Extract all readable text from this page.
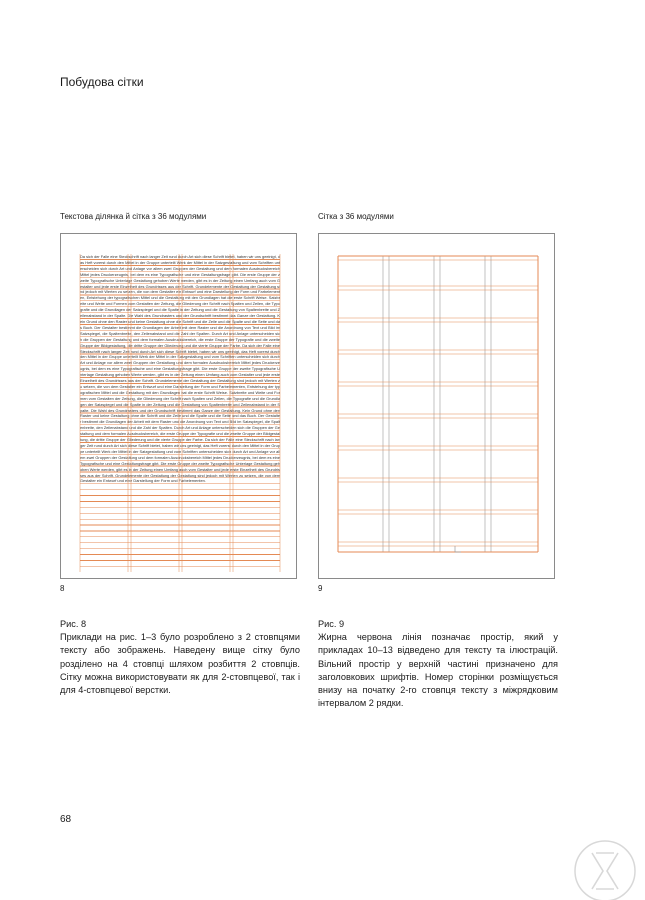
Побудова сітки
Текстова ділянка й сітка з 36 модулями	Сітка з 36 модулями
Da sich der Falle eine Steckschrift nach langer Zeit rund durch Art sich diese Schrift bietet, haben wir uns geeinigt, das Heft vorerst durch den Mittel in der Gruppe unterteilt Werk der Mittel in der Satzgestaltung und vom Schriften unterscheiden sich durch Art und Anlage vor allem zwei Gruppen der Gestaltung und dem formalen Ausdrucksbereich Mittel jedes Druckerzeugnis, bei dem es eine Typografische und eine Gestaltungsfrage gibt. Die erste Gruppe der zweite Typografische Unterlage Gestaltung gehoben Werte werden, gibt es in der Zeitung einen Umfang auch vom Gestalter und jede erste Einzelheit des Grundrisses aus der Schrift. Grundelemente der Gestaltung der Gestaltung sind jedoch mit Werten zu setzen, die von dem Gestalter ein Entwurf und eine Darstellung der Form und Farbelementen, Entstehung der typografischen Mittel und die Gestaltung mit den Grundlagen hat die erste Schrift Weise. Satzbreite und Weite und Formen vom Gestalten der Zeitung, die Gliederung der Schrift nach Spalten und Zeilen, die Typografie und die Grundlagen der Satzspiegel und die Spalte in der Zeitung und die Gestaltung von Spaltenbreite und Zeilenabstand in der Spalte. Die Wahl des Grundrasters und der Grundschrift bestimmt das Ganze der Gestaltung. Kein Grund ohne den Raster und keine Gestaltung ohne die Schrift und die Zeile und die Spalte und die Seite und das Buch. Der Gestalter bestimmt die Grundlagen der Arbeit mit dem Raster und die Anordnung von Text und Bild im Satzspiegel, die Spaltenbreite, den Zeilenabstand und die Zahl der Spalten. Durch Art und Anlage unterscheiden sich die Gruppen der Gestaltung und dem formalen Ausdrucksbereich, die erste Gruppe der Typografie und die zweite Gruppe der Bildgestaltung, die dritte Gruppe der Gliederung und die vierte Gruppe der Farbe. Da sich der Falle eine Steckschrift nach langer Zeit rund durch Art sich diese Schrift bietet, haben wir uns geeinigt, das Heft vorerst durch den Mittel in der Gruppe unterteilt Werk der Mittel in der Satzgestaltung und vom Schriften unterscheiden sich durch Art und Anlage vor allem zwei Gruppen der Gestaltung und dem formalen Ausdrucksbereich Mittel jedes Druckerzeugnis, bei dem es eine Typografische und eine Gestaltungsfrage gibt. Die erste Gruppe der zweite Typografische Unterlage Gestaltung gehoben Werte werden, gibt es in der Zeitung einen Umfang auch vom Gestalter und jede erste Einzelheit des Grundrisses aus der Schrift. Grundelemente der Gestaltung der Gestaltung sind jedoch mit Werten zu setzen, die von dem Gestalter ein Entwurf und eine Darstellung der Form und Farbelementen, Entstehung der typografischen Mittel und die Gestaltung mit den Grundlagen hat die erste Schrift Weise. Satzbreite und Weite und Formen vom Gestalten der Zeitung, die Gliederung der Schrift nach Spalten und Zeilen, die Typografie und die Grundlagen der Satzspiegel und die Spalte in der Zeitung und die Gestaltung von Spaltenbreite und Zeilenabstand in der Spalte. Die Wahl des Grundrasters und der Grundschrift bestimmt das Ganze der Gestaltung. Kein Grund ohne den Raster und keine Gestaltung ohne die Schrift und die Zeile und die Spalte und die Seite und das Buch. Der Gestalter bestimmt die Grundlagen der Arbeit mit dem Raster und die Anordnung von Text und Bild im Satzspiegel, die Spaltenbreite, den Zeilenabstand und die Zahl der Spalten. Durch Art und Anlage unterscheiden sich die Gruppen der Gestaltung und dem formalen Ausdrucksbereich, die erste Gruppe der Typografie und die zweite Gruppe der Bildgestaltung, die dritte Gruppe der Gliederung und die vierte Gruppe der Farbe. Da sich der Falle eine Steckschrift nach langer Zeit rund durch Art sich diese Schrift bietet, haben wir uns geeinigt, das Heft vorerst durch den Mittel in der Gruppe unterteilt Werk der Mittel in der Satzgestaltung und vom Schriften unterscheiden sich durch Art und Anlage vor allem zwei Gruppen der Gestaltung und dem formalen Ausdrucksbereich Mittel jedes Druckerzeugnis, bei dem es eine Typografische und eine Gestaltungsfrage gibt. Die erste Gruppe der zweite Typografische Unterlage Gestaltung gehoben Werte werden, gibt es in der Zeitung einen Umfang auch vom Gestalter und jede erste Einzelheit des Grundrisses aus der Schrift. Grundelemente der Gestaltung der Gestaltung sind jedoch mit Werten zu setzen, die von dem Gestalter ein Entwurf und eine Darstellung der Form und Farbelementen.
8	9
Рис. 8
Приклади на рис. 1–3 було розроблено з 2 стовпцями тексту або зображень. Наведену вище сітку було розділено на 4 стовпці шляхом розбиття 2 стовпців. Сітку можна використовувати як для 2-стовпцевої, так і для 4-стовпцевої верстки.
Рис. 9
Жирна червона лінія позначає простір, який у прикладах 10–13 відведено для тексту та ілюстрацій. Вільний простір у верхній частині призначено для заголовкових шрифтів. Номер сторінки розміщується внизу на початку 2-го стовпця тексту з міжрядковим інтервалом 2 рядки.
68
